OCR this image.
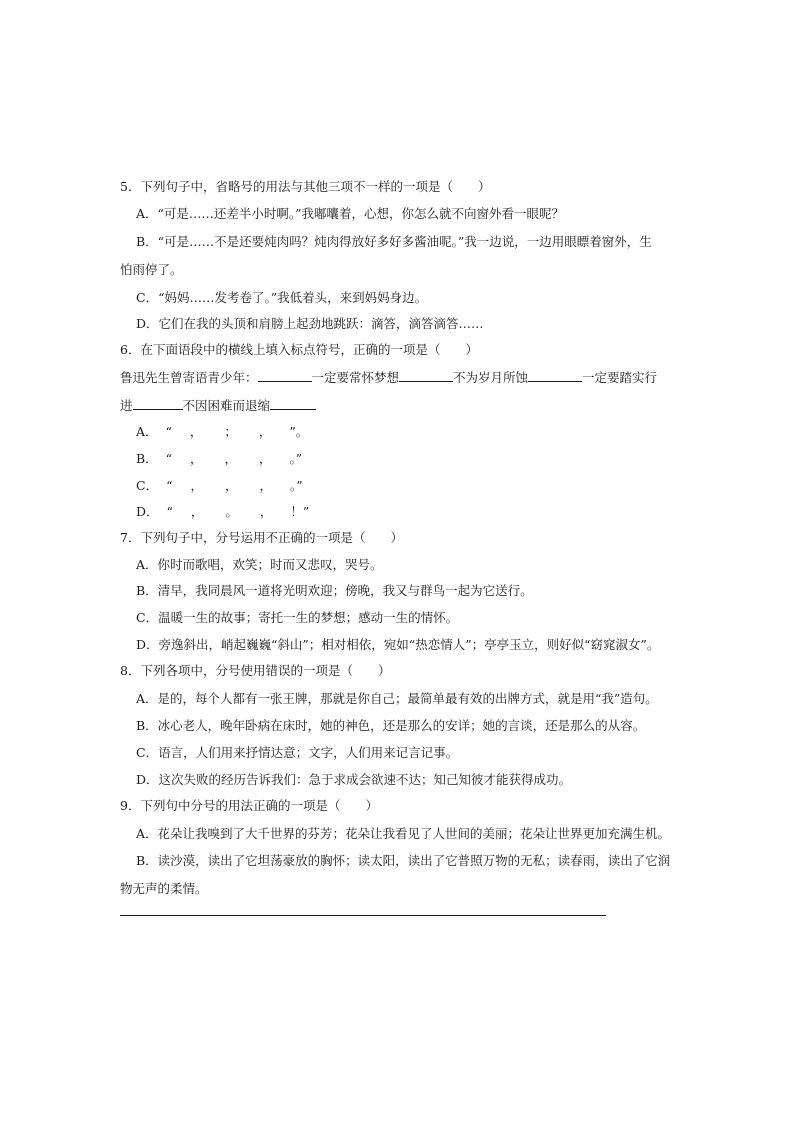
5．下列句子中，省略号的用法与其他三项不一样的一项是（　　）
A．“可是……还差半小时啊。”我嘟囔着，心想，你怎么就不向窗外看一眼呢？
B．“可是……不是还要炖肉吗？炖肉得放好多好多酱油呢。”我一边说，一边用眼瞟着窗外，生
怕雨停了。
C．“妈妈……发考卷了。”我低着头，来到妈妈身边。
D．它们在我的头顶和肩膀上起劲地跳跃：滴答，滴答滴答……
6．在下面语段中的横线上填入标点符号，正确的一项是（　　）
鲁迅先生曾寄语青少年：	一定要常怀梦想	不为岁月所蚀	一定要踏实行
进	不因困难而退缩
A． “ ， ； ， ”。
B． “ ， ， ， 。”
C． “ ， ， ， 。”
D． “ ， 。 ， ！”
7．下列句子中，分号运用不正确的一项是（　　）
A．你时而歌唱，欢笑；时而又悲叹，哭号。
B．清早，我同晨风一道将光明欢迎；傍晚，我又与群鸟一起为它送行。
C．温暖一生的故事；寄托一生的梦想；感动一生的情怀。
D．旁逸斜出，峭起巍巍“斜山”；相对相依，宛如“热恋情人”；亭亭玉立，则好似“窈窕淑女”。
8．下列各项中，分号使用错误的一项是（　　）
A．是的，每个人都有一张王牌，那就是你自己；最简单最有效的出牌方式，就是用“我”造句。
B．冰心老人，晚年卧病在床时，她的神色，还是那么的安详；她的言谈，还是那么的从容。
C．语言，人们用来抒情达意；文字，人们用来记言记事。
D．这次失败的经历告诉我们：急于求成会欲速不达；知己知彼才能获得成功。
9．下列句中分号的用法正确的一项是（　　）
A．花朵让我嗅到了大千世界的芬芳；花朵让我看见了人世间的美丽；花朵让世界更加充满生机。
B．读沙漠，读出了它坦荡豪放的胸怀；读太阳，读出了它普照万物的无私；读春雨，读出了它润
物无声的柔情。
